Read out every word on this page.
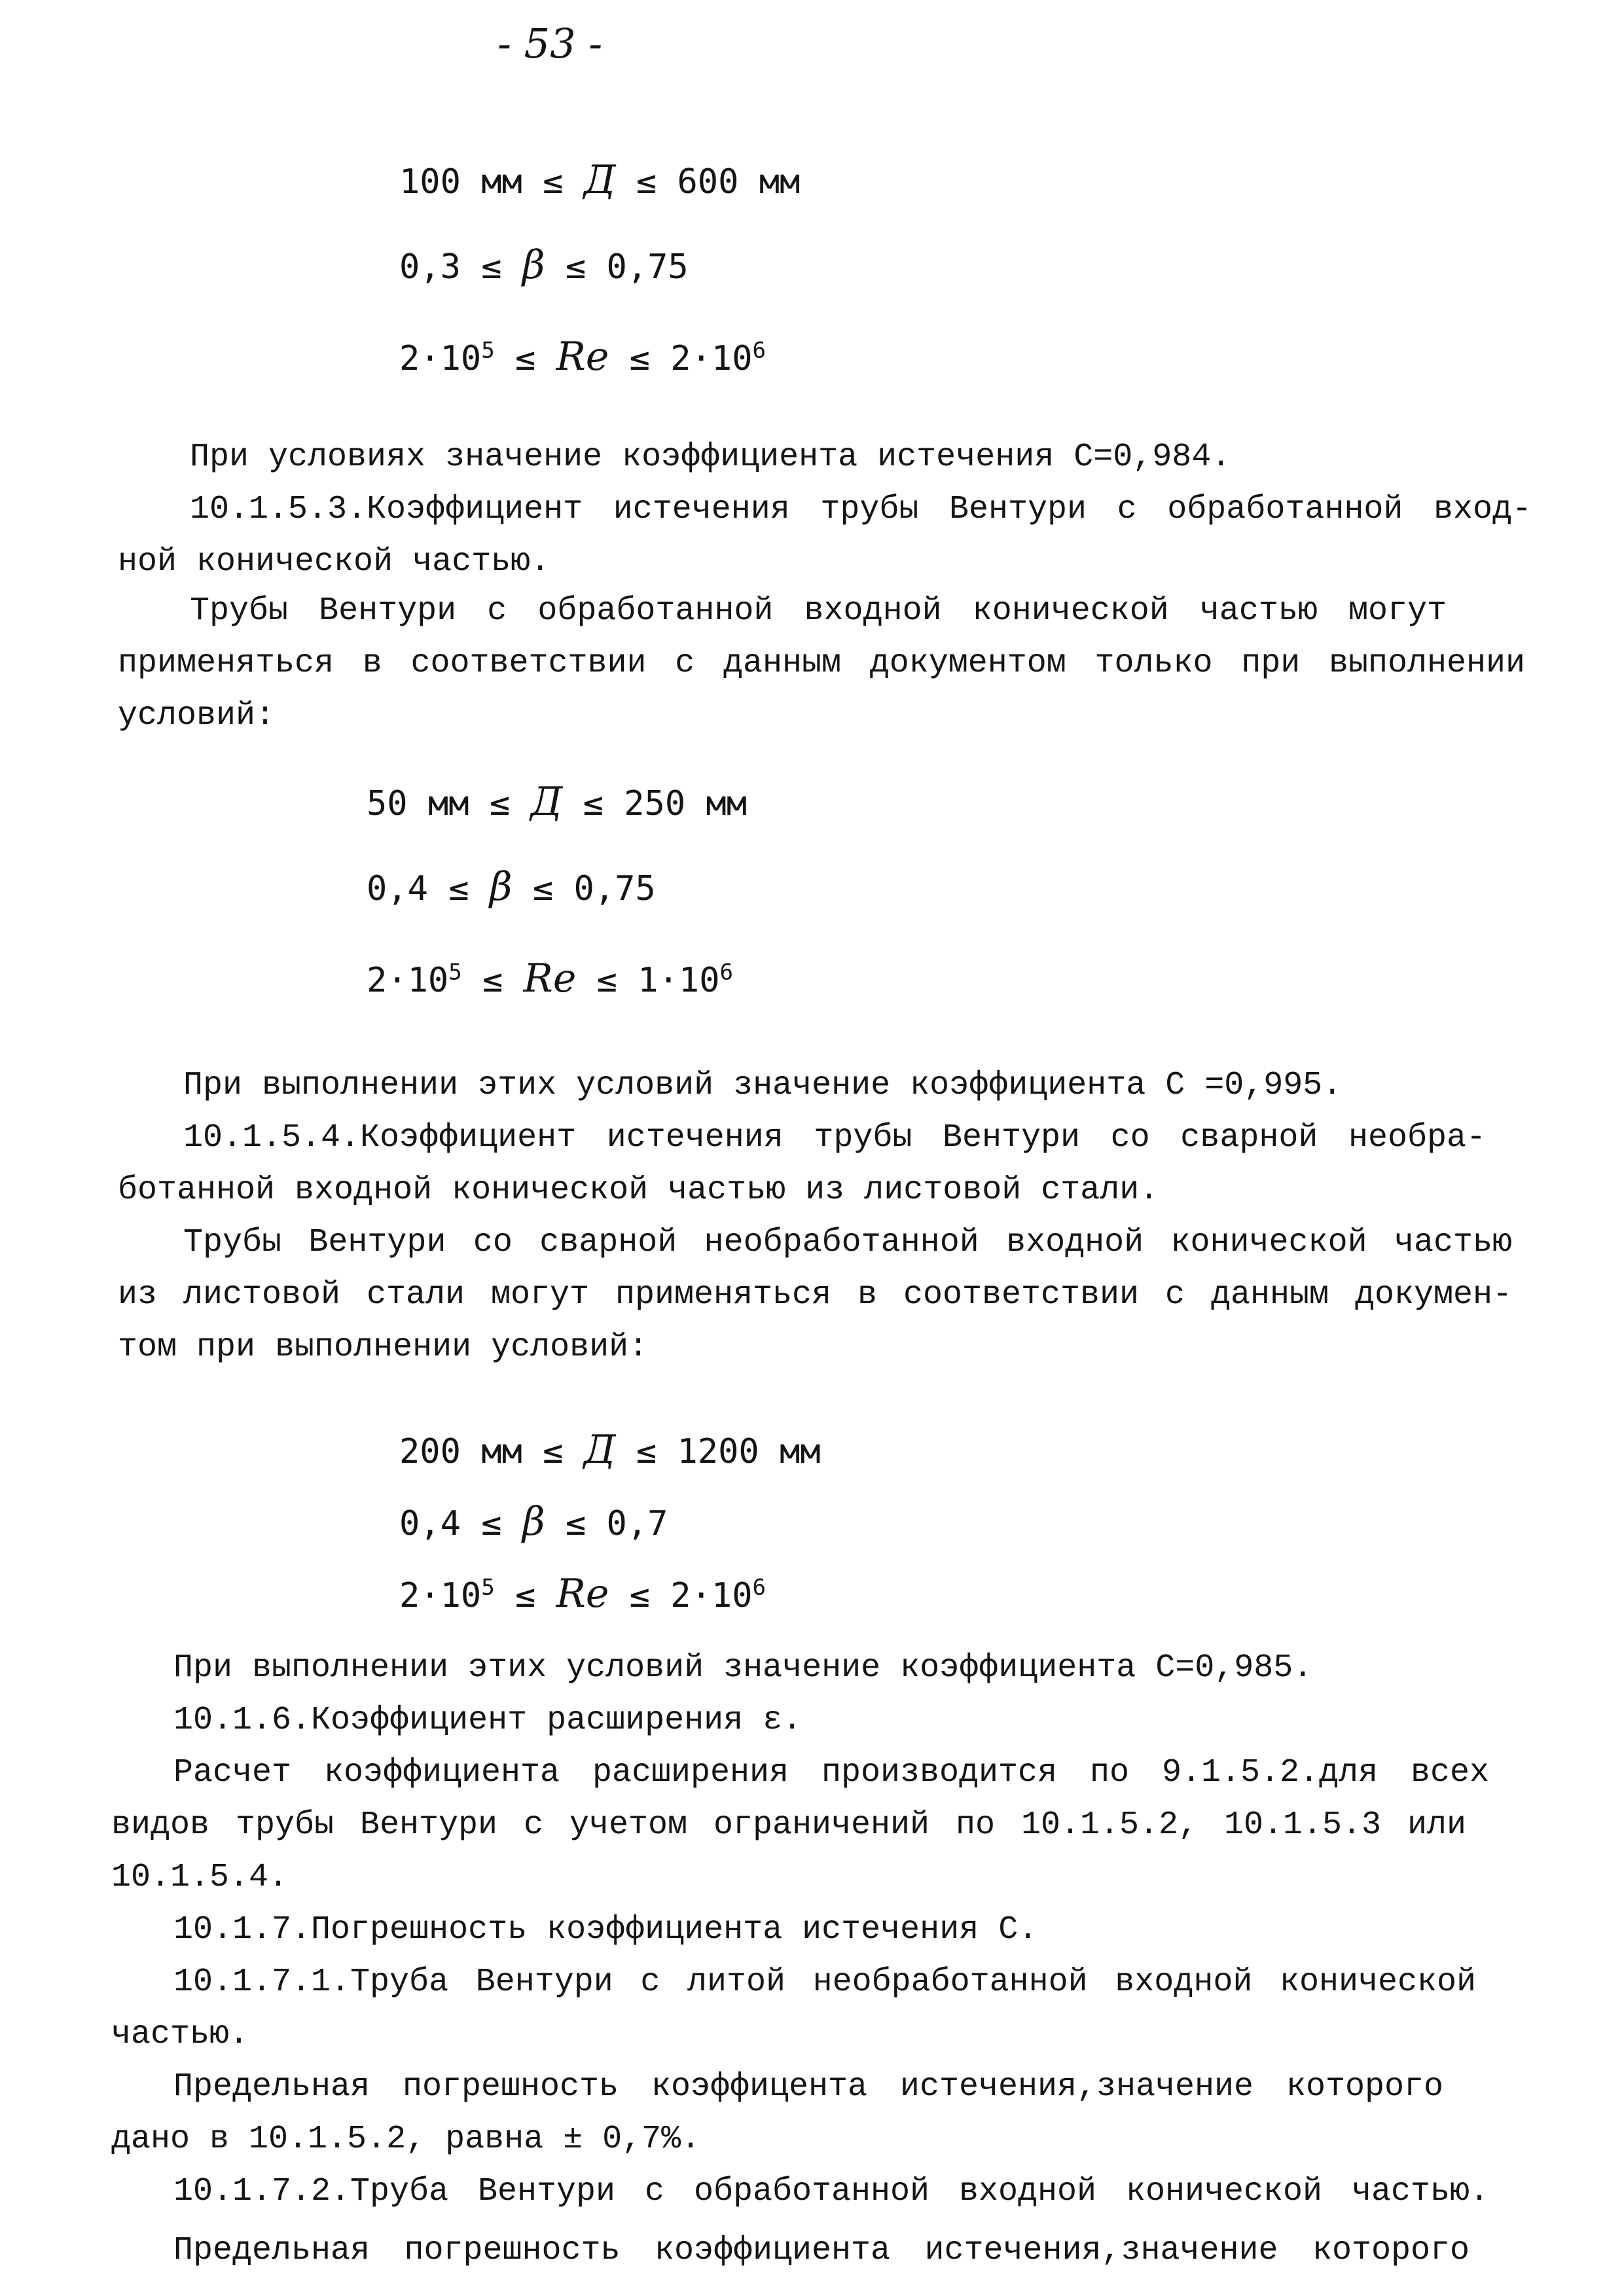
- 53 -
100 мм ≤ Д ≤ 600 мм
0,3 ≤ β ≤ 0,75
$2\cdot 10^5 \le Re \le 2\cdot 10^6$
При условиях значение коэффициента истечения C=0,984.
10.1.5.3.Коэффициент истечения трубы Вентури с обработанной вход-
ной конической частью.
Трубы Вентури с обработанной входной конической частью могут
применяться в соответствии с данным документом только при выполнении
условий:
50 мм ≤ Д ≤ 250 мм
0,4 ≤ β ≤ 0,75
$2\cdot 10^5 \le Re \le 1\cdot 10^6$
При выполнении этих условий значение коэффициента С =0,995.
10.1.5.4.Коэффициент истечения трубы Вентури со сварной необра-
ботанной входной конической частью из листовой стали.
Трубы Вентури со сварной необработанной входной конической частью
из листовой стали могут применяться в соответствии с данным докумен-
том при выполнении условий:
200 мм ≤ Д ≤ 1200 мм
0,4 ≤ β ≤ 0,7
$2\cdot 10^5 \le Re \le 2\cdot 10^6$
При выполнении этих условий значение коэффициента С=0,985.
10.1.6.Коэффициент расширения ε.
Расчет коэффициента расширения производится по 9.1.5.2.для всех
видов трубы Вентури с учетом ограничений по 10.1.5.2, 10.1.5.3 или
10.1.5.4.
10.1.7.Погрешность коэффициента истечения С.
10.1.7.1.Труба Вентури с литой необработанной входной конической
частью.
Предельная погрешность коэффицента истечения,значение которого
дано в 10.1.5.2, равна ± 0,7%.
10.1.7.2.Труба Вентури с обработанной входной конической частью.
Предельная погрешность коэффициента истечения,значение которого
